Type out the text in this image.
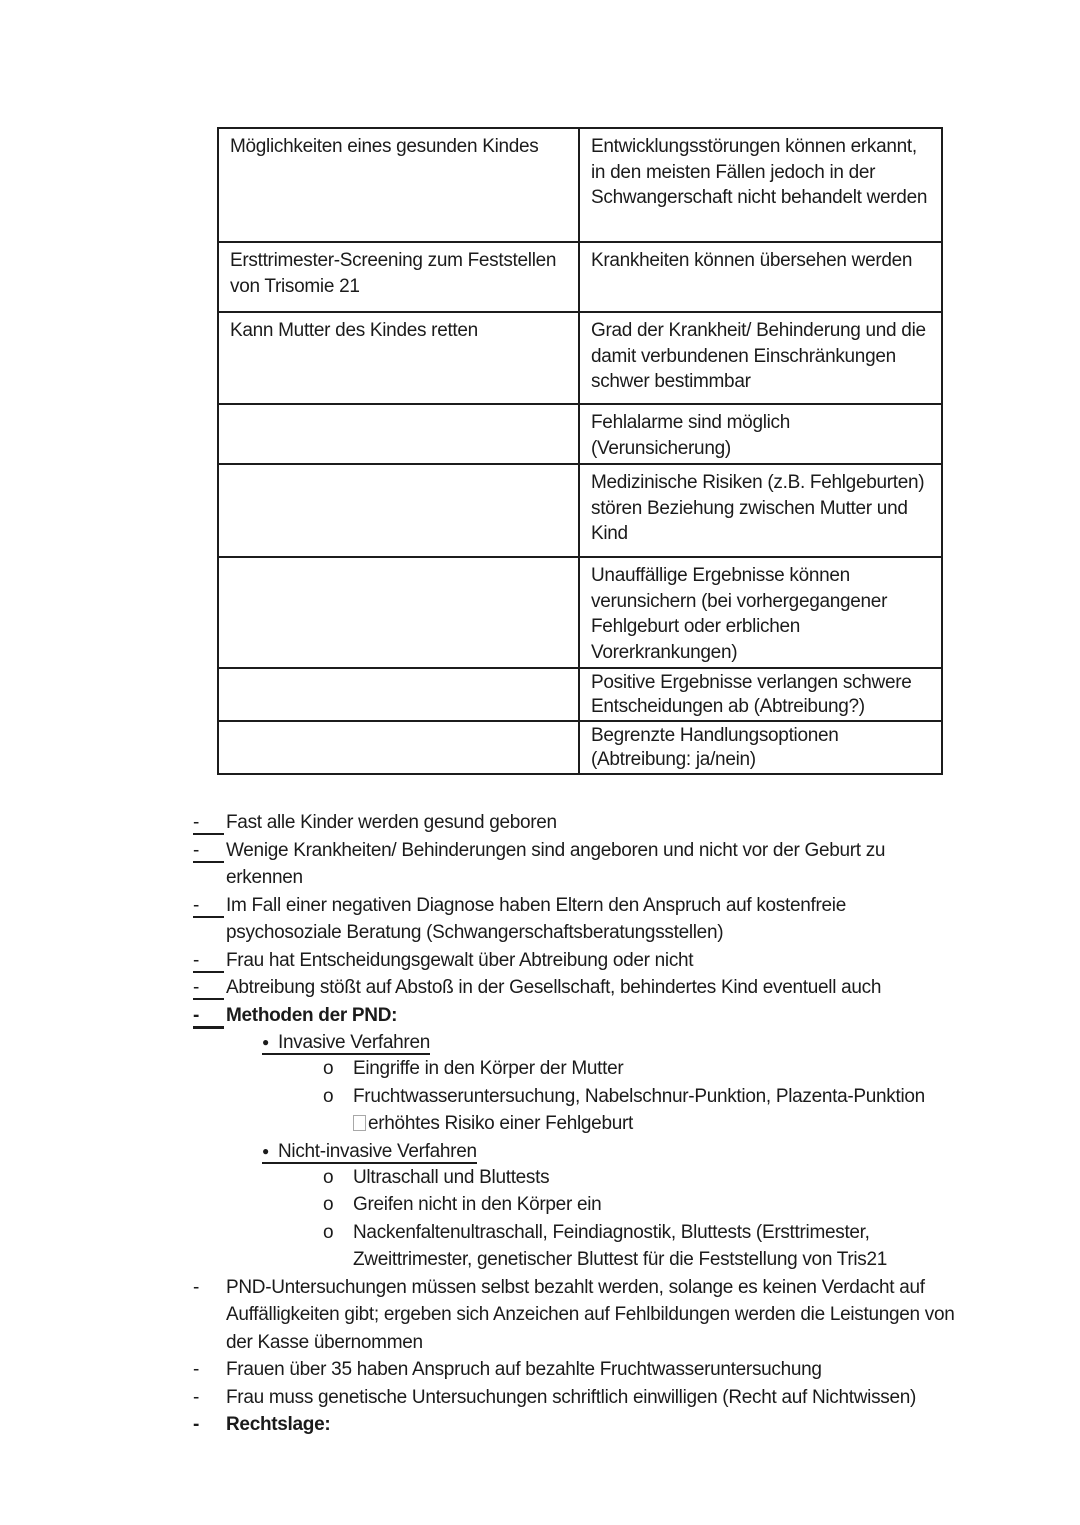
Möglichkeiten eines gesunden Kindes	Entwicklungsstörungen können erkannt,
in den meisten Fällen jedoch in der
Schwangerschaft nicht behandelt werden
Ersttrimester-Screening zum Feststellen
von Trisomie 21	Krankheiten können übersehen werden
Kann Mutter des Kindes retten	Grad der Krankheit/ Behinderung und die
damit verbundenen Einschränkungen
schwer bestimmbar
	Fehlalarme sind möglich (Verunsicherung)
	Medizinische Risiken (z.B. Fehlgeburten)
stören Beziehung zwischen Mutter und
Kind
	Unauffällige Ergebnisse können
verunsichern (bei vorhergegangener
Fehlgeburt oder erblichen
Vorerkrankungen)
	Positive Ergebnisse verlangen schwere
Entscheidungen ab (Abtreibung?)
	Begrenzte Handlungsoptionen
(Abtreibung: ja/nein)
-	Fast alle Kinder werden gesund geboren
-	Wenige Krankheiten/ Behinderungen sind angeboren und nicht vor der Geburt zu
erkennen
-	Im Fall einer negativen Diagnose haben Eltern den Anspruch auf kostenfreie
psychosoziale Beratung (Schwangerschaftsberatungsstellen)
-	Frau hat Entscheidungsgewalt über Abtreibung oder nicht
-	Abtreibung stößt auf Abstoß in der Gesellschaft, behindertes Kind eventuell auch
-	Methoden der PND:
● Invasive Verfahren
o	Eingriffe in den Körper der Mutter
o	Fruchtwasseruntersuchung, Nabelschnur-Punktion, Plazenta-Punktion
erhöhtes Risiko einer Fehlgeburt
● Nicht-invasive Verfahren
o	Ultraschall und Bluttests
o	Greifen nicht in den Körper ein
o	Nackenfaltenultraschall, Feindiagnostik, Bluttests (Ersttrimester,
Zweittrimester, genetischer Bluttest für die Feststellung von Tris21
-	PND-Untersuchungen müssen selbst bezahlt werden, solange es keinen Verdacht auf
Auffälligkeiten gibt; ergeben sich Anzeichen auf Fehlbildungen werden die Leistungen von
der Kasse übernommen
-	Frauen über 35 haben Anspruch auf bezahlte Fruchtwasseruntersuchung
-	Frau muss genetische Untersuchungen schriftlich einwilligen (Recht auf Nichtwissen)
-	Rechtslage:
